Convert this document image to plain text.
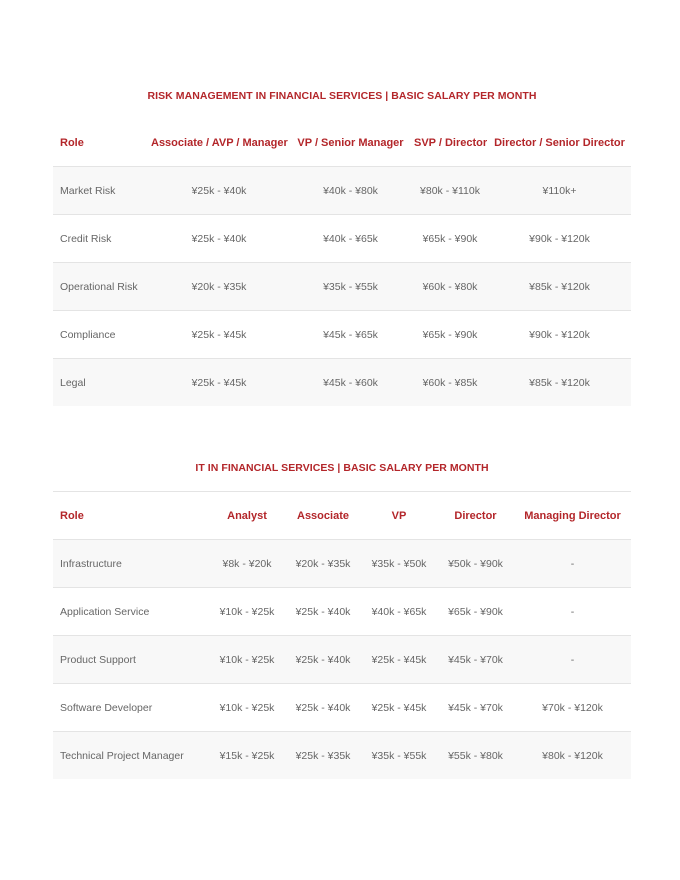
RISK MANAGEMENT IN FINANCIAL SERVICES | BASIC SALARY PER MONTH
Role	Associate / AVP / Manager	VP / Senior Manager	SVP / Director	Director / Senior Director
Market Risk	¥25k - ¥40k	¥40k - ¥80k	¥80k - ¥110k	¥110k+
Credit Risk	¥25k - ¥40k	¥40k - ¥65k	¥65k - ¥90k	¥90k - ¥120k
Operational Risk	¥20k - ¥35k	¥35k - ¥55k	¥60k - ¥80k	¥85k - ¥120k
Compliance	¥25k - ¥45k	¥45k - ¥65k	¥65k - ¥90k	¥90k - ¥120k
Legal	¥25k - ¥45k	¥45k - ¥60k	¥60k - ¥85k	¥85k - ¥120k
IT IN FINANCIAL SERVICES | BASIC SALARY PER MONTH
Role	Analyst	Associate	VP	Director	Managing Director
Infrastructure	¥8k - ¥20k	¥20k - ¥35k	¥35k - ¥50k	¥50k - ¥90k	-
Application Service	¥10k - ¥25k	¥25k - ¥40k	¥40k - ¥65k	¥65k - ¥90k	-
Product Support	¥10k - ¥25k	¥25k - ¥40k	¥25k - ¥45k	¥45k - ¥70k	-
Software Developer	¥10k - ¥25k	¥25k - ¥40k	¥25k - ¥45k	¥45k - ¥70k	¥70k - ¥120k
Technical Project Manager	¥15k - ¥25k	¥25k - ¥35k	¥35k - ¥55k	¥55k - ¥80k	¥80k - ¥120k
